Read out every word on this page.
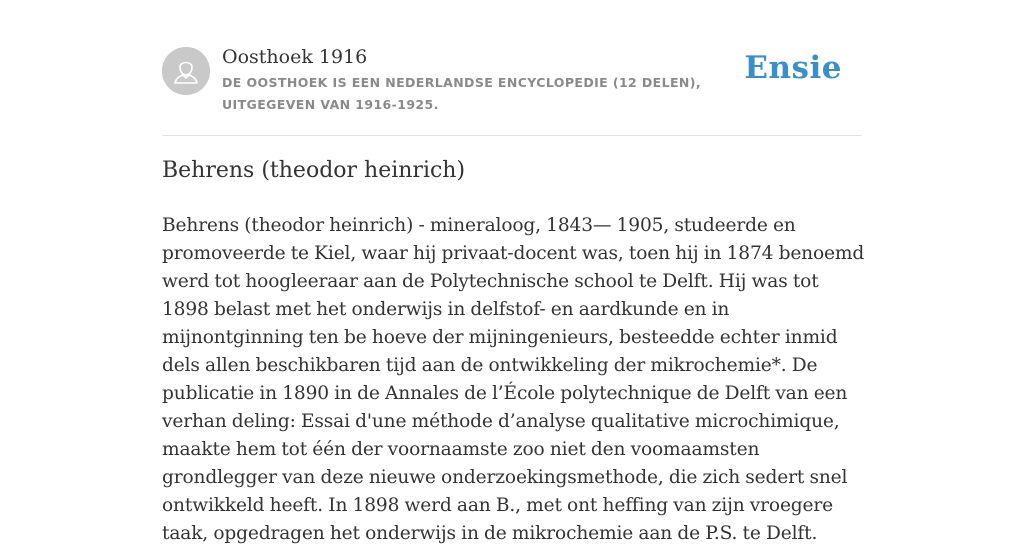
Oosthoek 1916
DE OOSTHOEK IS EEN NEDERLANDSE ENCYCLOPEDIE (12 DELEN), UITGEGEVEN VAN 1916-1925.
Ensie
Behrens (theodor heinrich)

Behrens (theodor heinrich) - mineraloog, 1843— 1905, studeerde en promoveerde te Kiel, waar hij privaat-docent was, toen hij in 1874 benoemd werd tot hoogleeraar aan de Polytechnische school te Delft. Hij was tot 1898 belast met het onderwijs in delfstof- en aardkunde en in mijnontginning ten be hoeve der mijningenieurs, besteedde echter inmid dels allen beschikbaren tijd aan de ontwikkeling der mikrochemie*. De publicatie in 1890 in de Annales de l’École polytechnique de Delft van een verhan deling: Essai d'une méthode d’analyse qualitative microchimique, maakte hem tot één der voornaamste zoo niet den voomaamsten grondlegger van deze nieuwe onderzoekingsmethode, die zich sedert snel ontwikkeld heeft. In 1898 werd aan B., met ont heffing van zijn vroegere taak, opgedragen het onderwijs in de mikrochemie aan de P.S. te Delft.
